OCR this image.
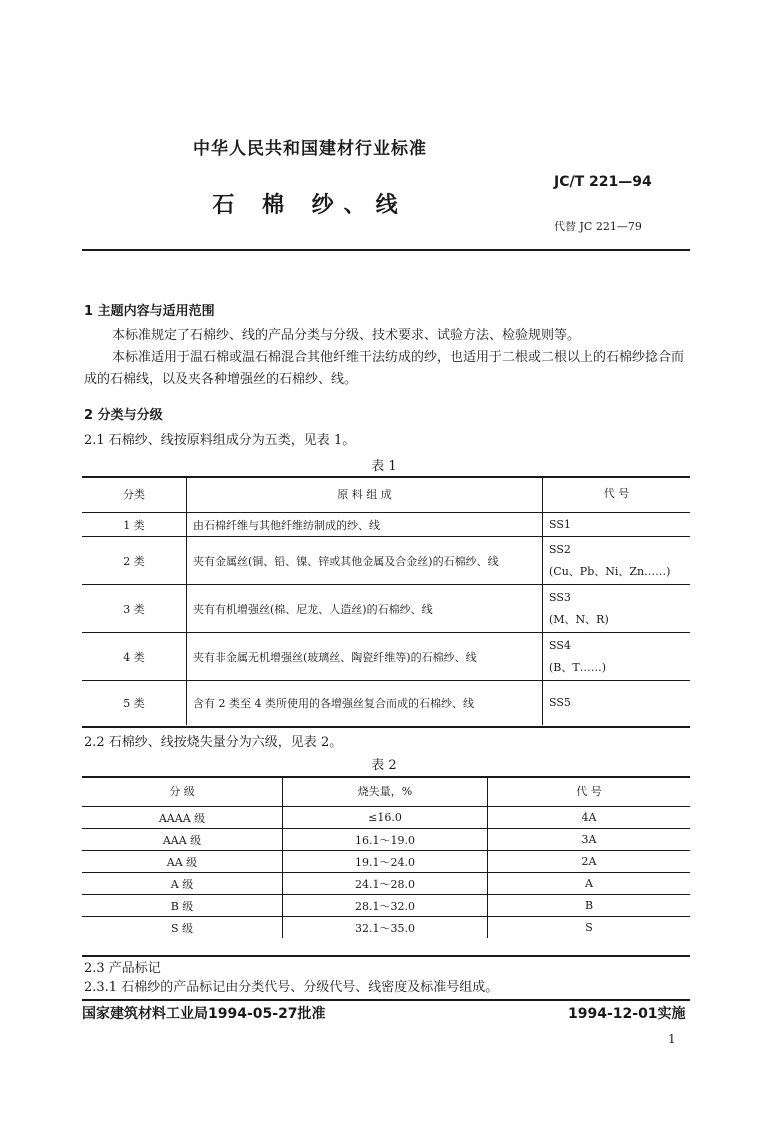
中华人民共和国建材行业标准
石 棉 纱、线
JC/T 221—94
代替 JC 221—79
1 主题内容与适用范围
本标准规定了石棉纱、线的产品分类与分级、技术要求、试验方法、检验规则等。
本标准适用于温石棉或温石棉混合其他纤维干法纺成的纱，也适用于二根或二根以上的石棉纱捻合而成的石棉线，以及夹各种增强丝的石棉纱、线。
2 分类与分级
2.1 石棉纱、线按原料组成分为五类，见表 1。
表 1
分类	原 料 组 成	代 号
1 类	由石棉纤维与其他纤维纺制成的纱、线	SS1

2 类	夹有金属丝(铜、铅、镍、锌或其他金属及合金丝)的石棉纱、线	SS2
(Cu、Pb、Ni、Zn……)

3 类	夹有有机增强丝(棉、尼龙、人造丝)的石棉纱、线	SS3
(M、N、R)

4 类	夹有非金属无机增强丝(玻璃丝、陶瓷纤维等)的石棉纱、线	SS4
(B、T……)

5 类	含有 2 类至 4 类所使用的各增强丝复合而成的石棉纱、线	SS5
2.2 石棉纱、线按烧失量分为六级，见表 2。
表 2
分 级	烧失量，%	代 号
AAAA 级	≤16.0	4A
AAA 级	16.1～19.0	3A
AA 级	19.1～24.0	2A
A 级	24.1～28.0	A
B 级	28.1～32.0	B
S 级	32.1～35.0	S
2.3 产品标记
2.3.1 石棉纱的产品标记由分类代号、分级代号、线密度及标准号组成。
国家建筑材料工业局1994-05-27批准	1994-12-01实施
1
